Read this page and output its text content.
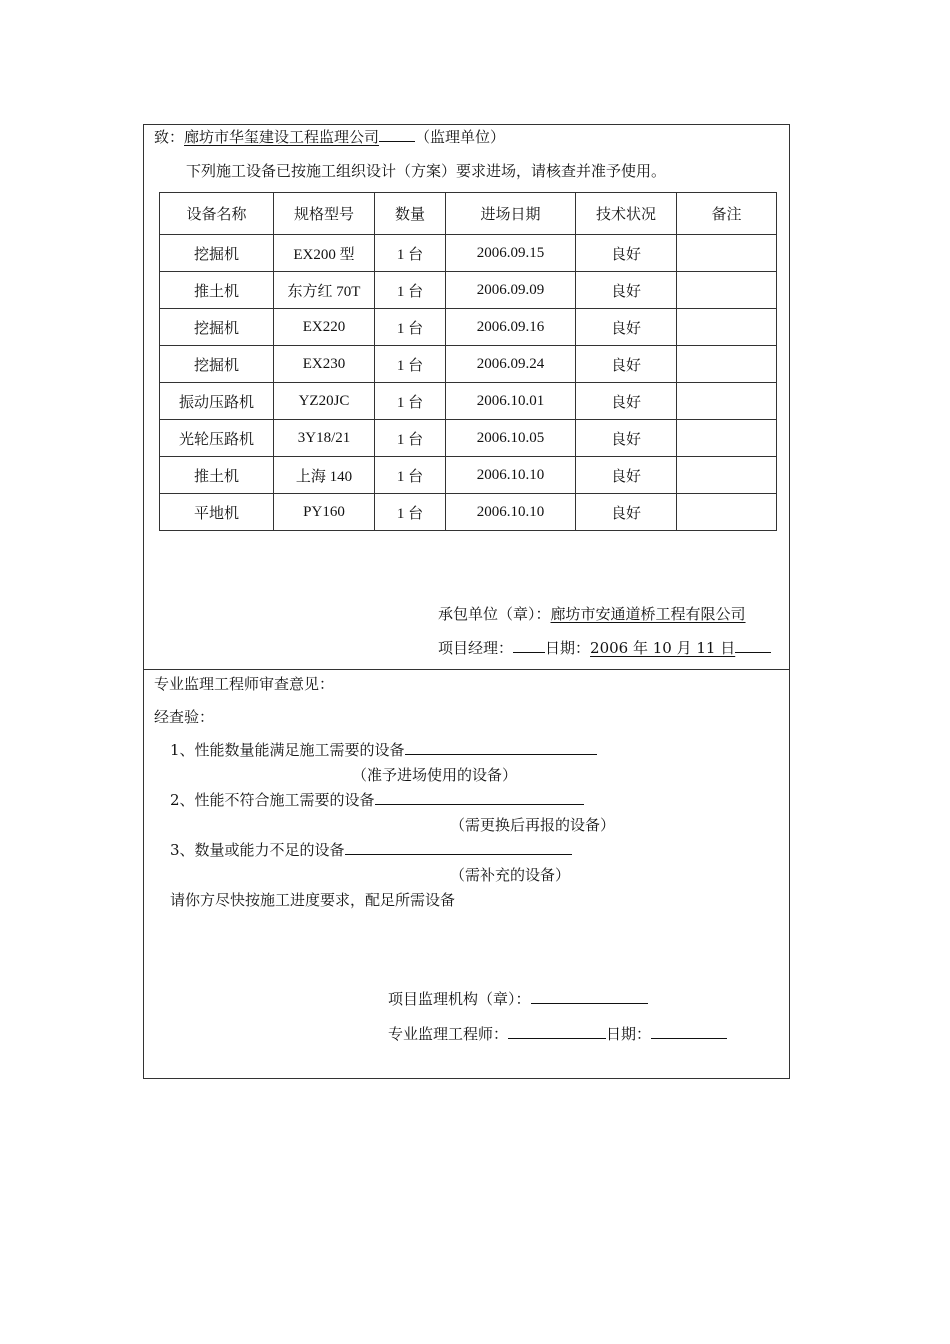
致：廊坊市华玺建设工程监理公司 （监理单位）
下列施工设备已按施工组织设计（方案）要求进场，请核查并准予使用。
设备名称	规格型号	数量	进场日期	技术状况	备注
挖掘机	EX200 型	1 台	2006.09.15	良好	
推土机	东方红 70T	1 台	2006.09.09	良好	
挖掘机	EX220	1 台	2006.09.16	良好	
挖掘机	EX230	1 台	2006.09.24	良好	
振动压路机	YZ20JC	1 台	2006.10.01	良好	
光轮压路机	3Y18/21	1 台	2006.10.05	良好	
推土机	上海 140	1 台	2006.10.10	良好	
平地机	PY160	1 台	2006.10.10	良好	
承包单位（章）：廊坊市安通道桥工程有限公司
项目经理： 日期：2006 年 10 月 11 日
专业监理工程师审查意见：
经查验：
1、性能数量能满足施工需要的设备
（准予进场使用的设备）
2、性能不符合施工需要的设备
（需更换后再报的设备）
3、数量或能力不足的设备
（需补充的设备）
请你方尽快按施工进度要求，配足所需设备
项目监理机构（章）：
专业监理工程师：	日期：
